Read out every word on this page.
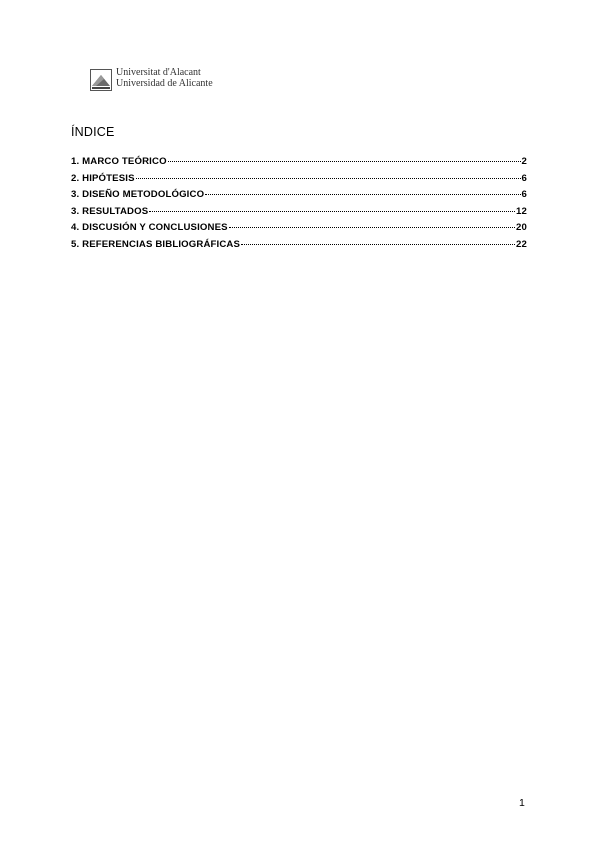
Universitat d'Alacant
Universidad de Alicante
ÍNDICE
1. MARCO TEÓRICO	2
2. HIPÓTESIS	6
3. DISEÑO METODOLÓGICO	6
3. RESULTADOS	12
4. DISCUSIÓN Y CONCLUSIONES	20
5. REFERENCIAS BIBLIOGRÁFICAS	22
1
